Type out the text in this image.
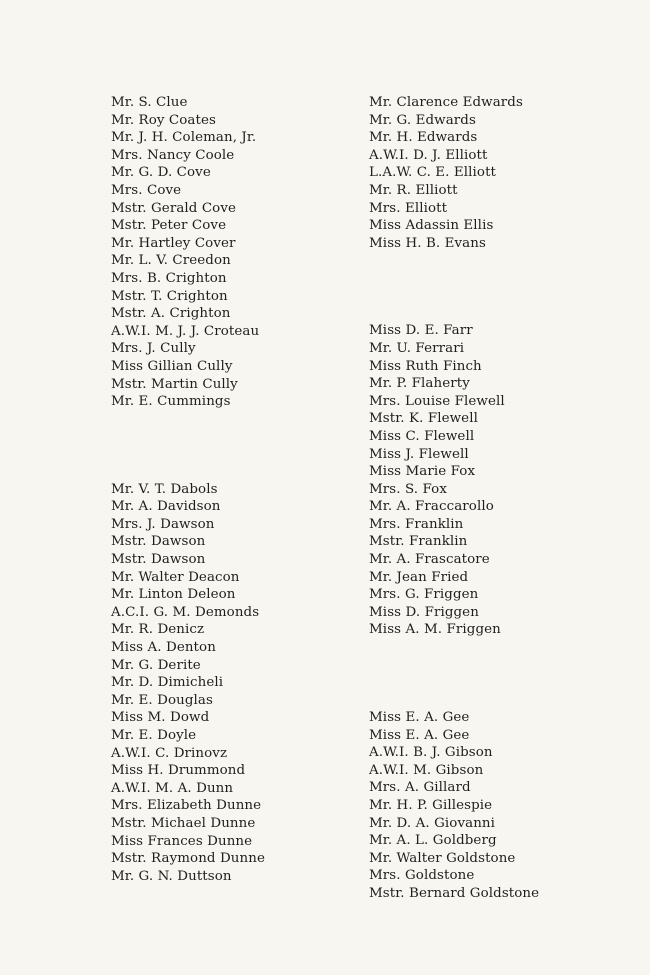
Mr. S. Clue
Mr. Roy Coates
Mr. J. H. Coleman, Jr.
Mrs. Nancy Coole
Mr. G. D. Cove
Mrs. Cove
Mstr. Gerald Cove
Mstr. Peter Cove
Mr. Hartley Cover
Mr. L. V. Creedon
Mrs. B. Crighton
Mstr. T. Crighton
Mstr. A. Crighton
A.W.I. M. J. J. Croteau
Mrs. J. Cully
Miss Gillian Cully
Mstr. Martin Cully
Mr. E. Cummings
Mr. V. T. Dabols
Mr. A. Davidson
Mrs. J. Dawson
Mstr. Dawson
Mstr. Dawson
Mr. Walter Deacon
Mr. Linton Deleon
A.C.I. G. M. Demonds
Mr. R. Denicz
Miss A. Denton
Mr. G. Derite
Mr. D. Dimicheli
Mr. E. Douglas
Miss M. Dowd
Mr. E. Doyle
A.W.I. C. Drinovz
Miss H. Drummond
A.W.I. M. A. Dunn
Mrs. Elizabeth Dunne
Mstr. Michael Dunne
Miss Frances Dunne
Mstr. Raymond Dunne
Mr. G. N. Duttson
Mr. Clarence Edwards
Mr. G. Edwards
Mr. H. Edwards
A.W.I. D. J. Elliott
L.A.W. C. E. Elliott
Mr. R. Elliott
Mrs. Elliott
Miss Adassin Ellis
Miss H. B. Evans
Miss D. E. Farr
Mr. U. Ferrari
Miss Ruth Finch
Mr. P. Flaherty
Mrs. Louise Flewell
Mstr. K. Flewell
Miss C. Flewell
Miss J. Flewell
Miss Marie Fox
Mrs. S. Fox
Mr. A. Fraccarollo
Mrs. Franklin
Mstr. Franklin
Mr. A. Frascatore
Mr. Jean Fried
Mrs. G. Friggen
Miss D. Friggen
Miss A. M. Friggen
Miss E. A. Gee
Miss E. A. Gee
A.W.I. B. J. Gibson
A.W.I. M. Gibson
Mrs. A. Gillard
Mr. H. P. Gillespie
Mr. D. A. Giovanni
Mr. A. L. Goldberg
Mr. Walter Goldstone
Mrs. Goldstone
Mstr. Bernard Goldstone
